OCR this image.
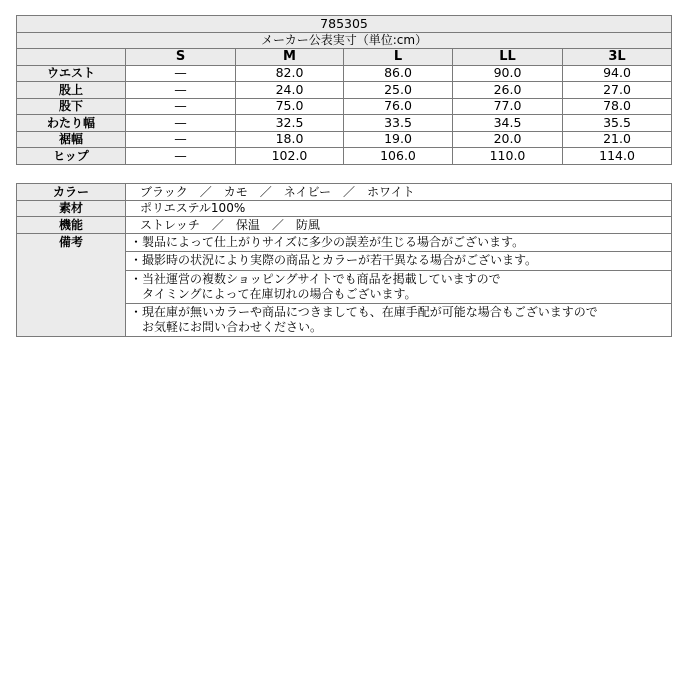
785305					
メーカー公表実寸（単位:cm）					
	S	M	L	LL	3L
ウエスト	—	82.0	86.0	90.0	94.0
股上	—	24.0	25.0	26.0	27.0
股下	—	75.0	76.0	77.0	78.0
わたり幅	—	32.5	33.5	34.5	35.5
裾幅	—	18.0	19.0	20.0	21.0
ヒップ	—	102.0	106.0	110.0	114.0
カラー	ブラック　／　カモ　／　ネイビー　／　ホワイト
素材	ポリエステル100%
機能	ストレッチ　／　保温　／　防風
備考	・製品によって仕上がりサイズに多少の誤差が生じる場合がございます。

	・撮影時の状況により実際の商品とカラーが若干異なる場合がございます。

	・当社運営の複数ショッピングサイトでも商品を掲載していますので
　タイミングによって在庫切れの場合もございます。

	・現在庫が無いカラーや商品につきましても、在庫手配が可能な場合もございますので
　お気軽にお問い合わせください。
